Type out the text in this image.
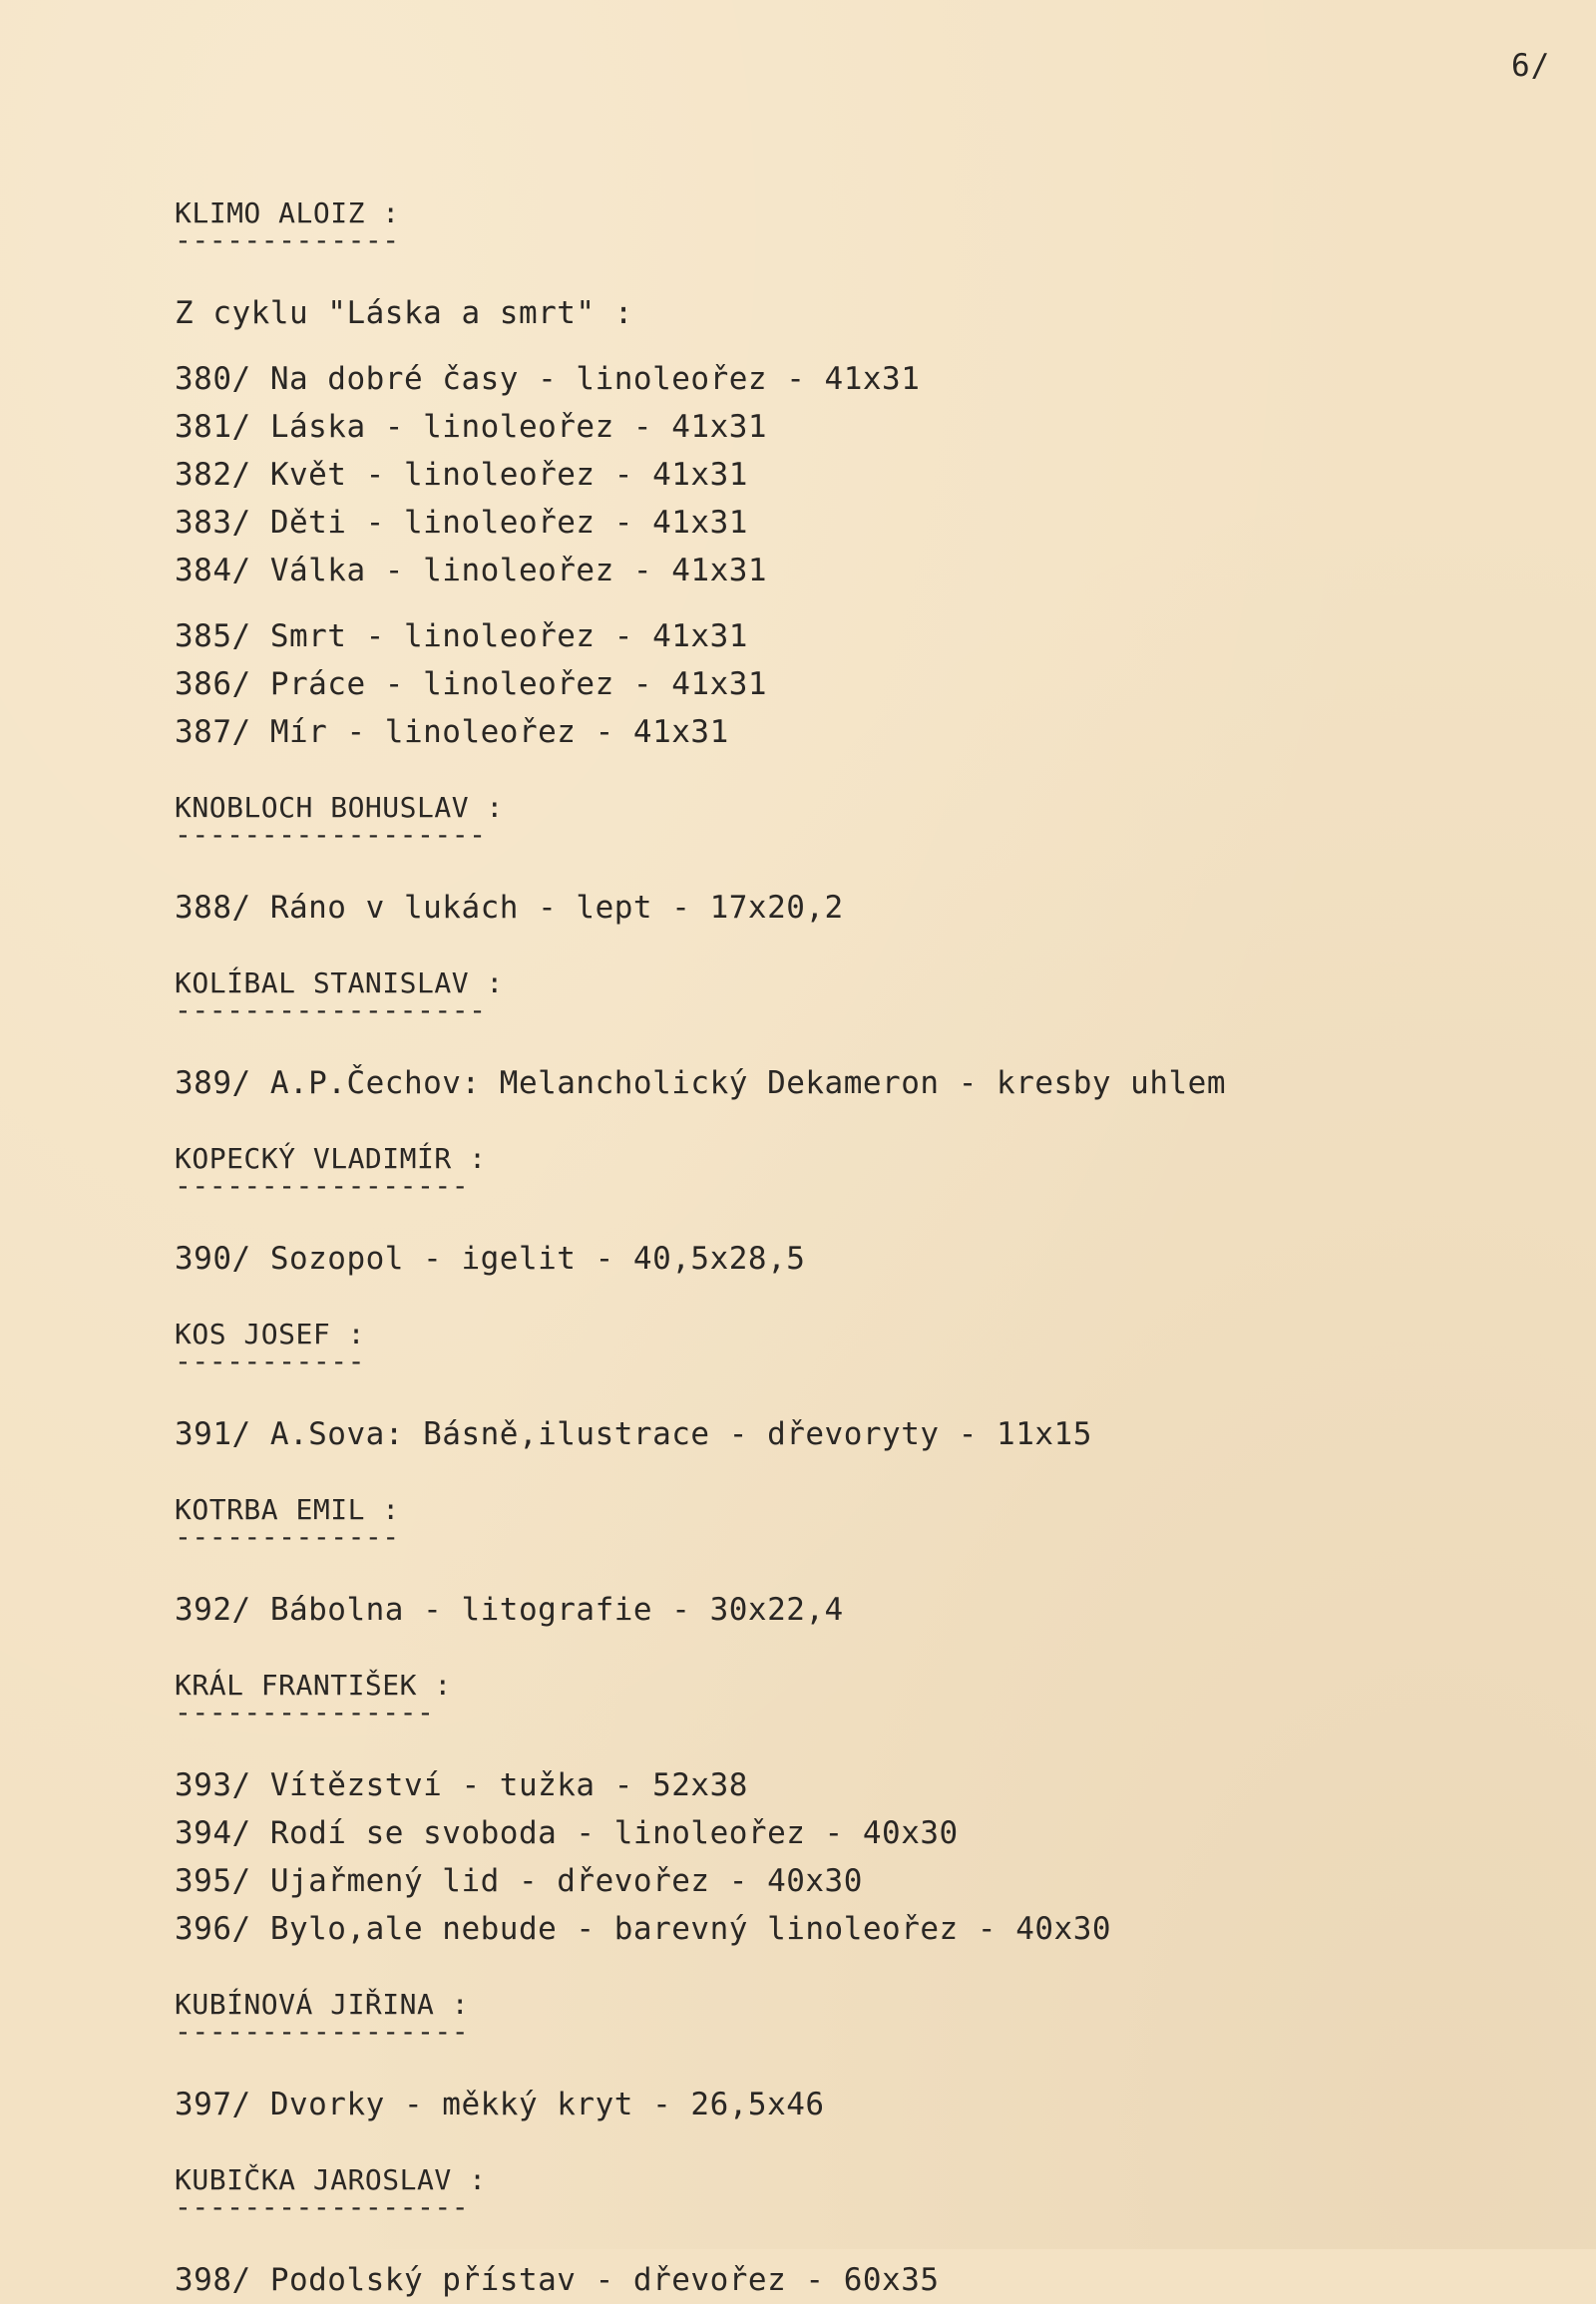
6/
KLIMO ALOIZ :
-------------
Z cyklu "Láska a smrt" :
380/ Na dobré časy - linoleořez - 41x31
381/ Láska - linoleořez - 41x31
382/ Květ - linoleořez - 41x31
383/ Děti - linoleořez - 41x31
384/ Válka - linoleořez - 41x31
385/ Smrt - linoleořez - 41x31
386/ Práce - linoleořez - 41x31
387/ Mír - linoleořez - 41x31
KNOBLOCH BOHUSLAV :
------------------
388/ Ráno v lukách - lept - 17x20,2
KOLÍBAL STANISLAV :
------------------
389/ A.P.Čechov: Melancholický Dekameron - kresby uhlem
KOPECKÝ VLADIMÍR :
-----------------
390/ Sozopol - igelit - 40,5x28,5
KOS JOSEF :
-----------
391/ A.Sova: Básně,ilustrace - dřevoryty - 11x15
KOTRBA EMIL :
-------------
392/ Bábolna - litografie - 30x22,4
KRÁL FRANTIŠEK :
---------------
393/ Vítězství - tužka - 52x38
394/ Rodí se svoboda - linoleořez - 40x30
395/ Ujařmený lid - dřevořez - 40x30
396/ Bylo,ale nebude - barevný linoleořez - 40x30
KUBÍNOVÁ JIŘINA :
-----------------
397/ Dvorky - měkký kryt - 26,5x46
KUBIČKA JAROSLAV :
-----------------
398/ Podolský přístav - dřevořez - 60x35
